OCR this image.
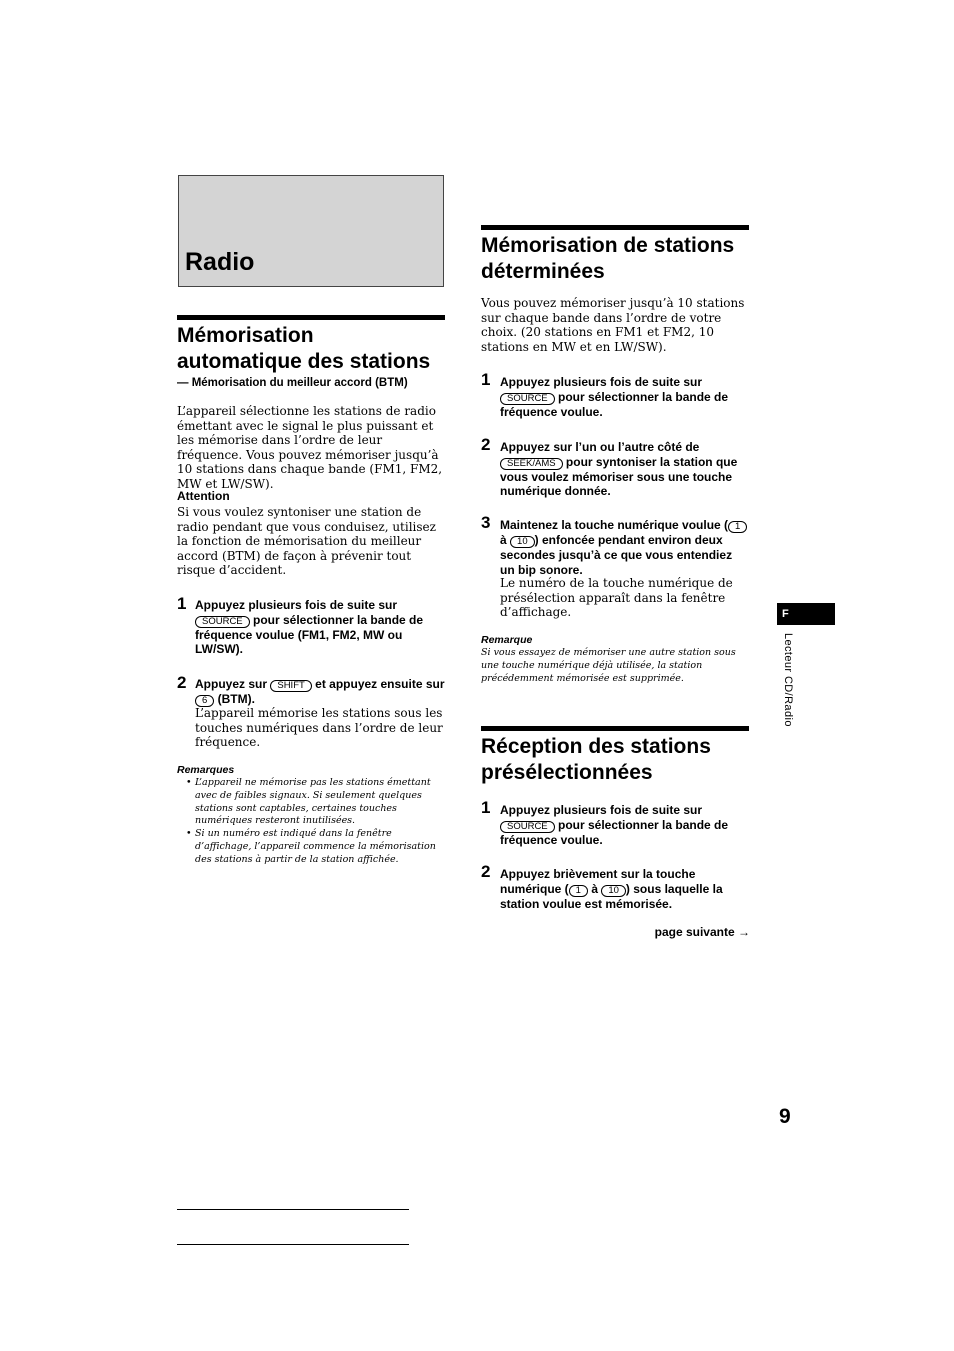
Radio
Mémorisation
automatique des stations
— Mémorisation du meilleur accord (BTM)
L’appareil sélectionne les stations de radio émettant avec le signal le plus puissant et les mémorise dans l’ordre de leur fréquence. Vous pouvez mémoriser jusqu’à 10 stations dans chaque bande (FM1, FM2, MW et LW/SW).
Attention
Si vous voulez syntoniser une station de radio pendant que vous conduisez, utilisez la fonction de mémorisation du meilleur accord (BTM) de façon à prévenir tout risque d’accident.
1 Appuyez plusieurs fois de suite sur
SOURCE pour sélectionner la bande de fréquence voulue (FM1, FM2, MW ou LW/SW).
2 Appuyez sur SHIFT et appuyez ensuite sur 6 (BTM).
L’appareil mémorise les stations sous les touches numériques dans l’ordre de leur fréquence.
Remarques
• L’appareil ne mémorise pas les stations émettant avec de faibles signaux. Si seulement quelques stations sont captables, certaines touches numériques resteront inutilisées.
• Si un numéro est indiqué dans la fenêtre d’affichage, l’appareil commence la mémorisation des stations à partir de la station affichée.
Mémorisation de stations
déterminées
Vous pouvez mémoriser jusqu’à 10 stations sur chaque bande dans l’ordre de votre choix. (20 stations en FM1 et FM2, 10 stations en MW et en LW/SW).
1 Appuyez plusieurs fois de suite sur
SOURCE pour sélectionner la bande de fréquence voulue.
2 Appuyez sur l’un ou l’autre côté de
SEEK/AMS pour syntoniser la station que vous voulez mémoriser sous une touche numérique donnée.
3 Maintenez la touche numérique voulue ( 1 à 10 ) enfoncée pendant environ deux secondes jusqu’à ce que vous entendiez un bip sonore.
Le numéro de la touche numérique de présélection apparaît dans la fenêtre d’affichage.
Remarque
Si vous essayez de mémoriser une autre station sous une touche numérique déjà utilisée, la station précédemment mémorisée est supprimée.
Réception des stations
présélectionnées
1 Appuyez plusieurs fois de suite sur
SOURCE pour sélectionner la bande de fréquence voulue.
2 Appuyez brièvement sur la touche numérique ( 1 à 10 ) sous laquelle la station voulue est mémorisée.
page suivante →
F
Lecteur CD/Radio
9
